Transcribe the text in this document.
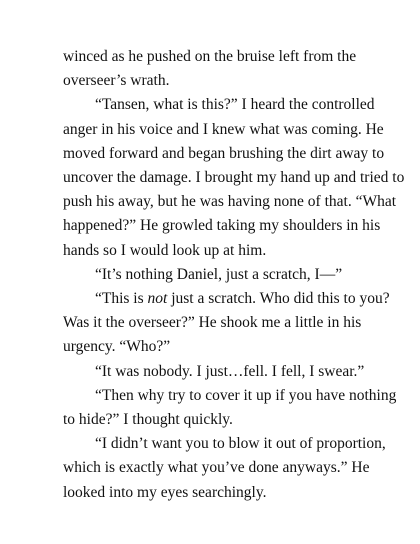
winced as he pushed on the bruise left from the
overseer’s wrath.
“Tansen, what is this?” I heard the controlled
anger in his voice and I knew what was coming. He
moved forward and began brushing the dirt away to
uncover the damage. I brought my hand up and tried to
push his away, but he was having none of that. “What
happened?” He growled taking my shoulders in his
hands so I would look up at him.
“It’s nothing Daniel, just a scratch, I—”
“This is not just a scratch. Who did this to you?
Was it the overseer?” He shook me a little in his
urgency. “Who?”
“It was nobody. I just…fell. I fell, I swear.”
“Then why try to cover it up if you have nothing
to hide?” I thought quickly.
“I didn’t want you to blow it out of proportion,
which is exactly what you’ve done anyways.” He
looked into my eyes searchingly.
